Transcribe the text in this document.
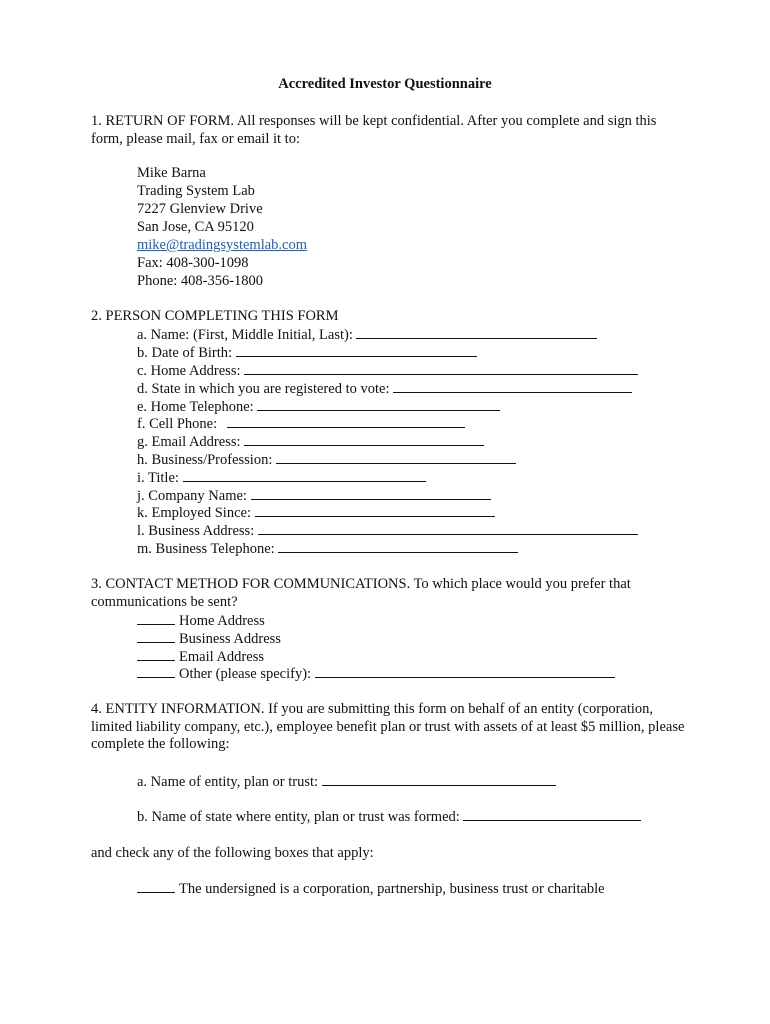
Accredited Investor Questionnaire
1. RETURN OF FORM. All responses will be kept confidential. After you complete and sign this form, please mail, fax or email it to:
Mike Barna
Trading System Lab
7227 Glenview Drive
San Jose, CA 95120
mike@tradingsystemlab.com
Fax: 408-300-1098
Phone: 408-356-1800
2. PERSON COMPLETING THIS FORM
a. Name: (First, Middle Initial, Last):
b. Date of Birth:
c. Home Address:
d. State in which you are registered to vote:
e. Home Telephone:
f. Cell Phone:
g. Email Address:
h. Business/Profession:
i. Title:
j. Company Name:
k. Employed Since:
l. Business Address:
m. Business Telephone:
3. CONTACT METHOD FOR COMMUNICATIONS. To which place would you prefer that communications be sent?
Home Address
Business Address
Email Address
Other (please specify):
4. ENTITY INFORMATION. If you are submitting this form on behalf of an entity (corporation, limited liability company, etc.), employee benefit plan or trust with assets of at least $5 million, please complete the following:
a. Name of entity, plan or trust:
b. Name of state where entity, plan or trust was formed:
and check any of the following boxes that apply:
The undersigned is a corporation, partnership, business trust or charitable
